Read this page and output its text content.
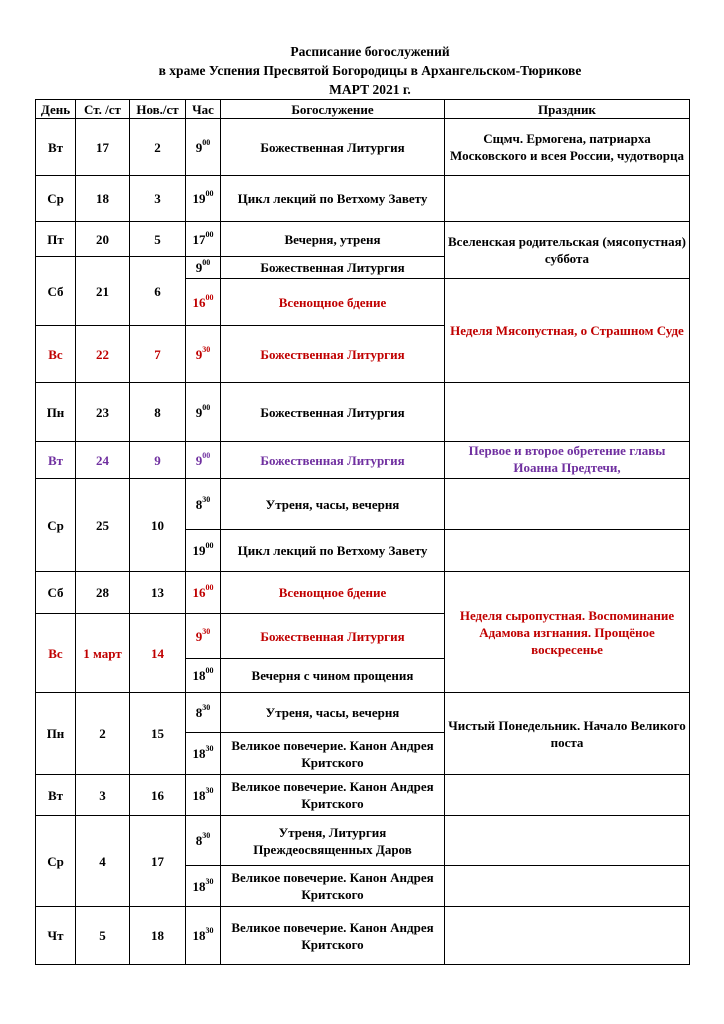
Расписание богослужений
в храме Успения Пресвятой Богородицы в Архангельском-Тюрикове
МАРТ 2021 г.
День	Ст. /ст	Нов./ст	Час	Богослужение	Праздник
Вт	17	2	$9^{00}$	Божественная Литургия	Сщмч. Ермогена, патриарха Московского и всея России, чудотворца
Ср	18	3	$19^{00}$	Цикл лекций по Ветхому Завету	
Пт	20	5	$17^{00}$	Вечерня, утреня	Вселенская родительская (мясопустная) суббота
Сб	21	6	$9^{00}$	Божественная Литургия	
			$16^{00}$	Всенощное бдение	Неделя Мясопустная, о Страшном Суде
Вс	22	7	$9^{30}$	Божественная Литургия	
Пн	23	8	$9^{00}$	Божественная Литургия	
Вт	24	9	$9^{00}$	Божественная Литургия	Первое и второе обретение главы Иоанна Предтечи,
Ср	25	10	$8^{30}$	Утреня, часы, вечерня	
			$19^{00}$	Цикл лекций по Ветхому Завету	
Сб	28	13	$16^{00}$	Всенощное бдение	Неделя сыропустная. Воспоминание Адамова изгнания. Прощёное воскресенье
Вс	1 март	14	$9^{30}$	Божественная Литургия	
			$18^{00}$	Вечерня с чином прощения	
Пн	2	15	$8^{30}$	Утреня, часы, вечерня	Чистый Понедельник. Начало Великого поста
			$18^{30}$	Великое повечерие. Канон Андрея Критского	
Вт	3	16	$18^{30}$	Великое повечерие. Канон Андрея Критского	
Ср	4	17	$8^{30}$	Утреня, Литургия Преждеосвященных Даров	
			$18^{30}$	Великое повечерие. Канон Андрея Критского	
Чт	5	18	$18^{30}$	Великое повечерие. Канон Андрея Критского	
